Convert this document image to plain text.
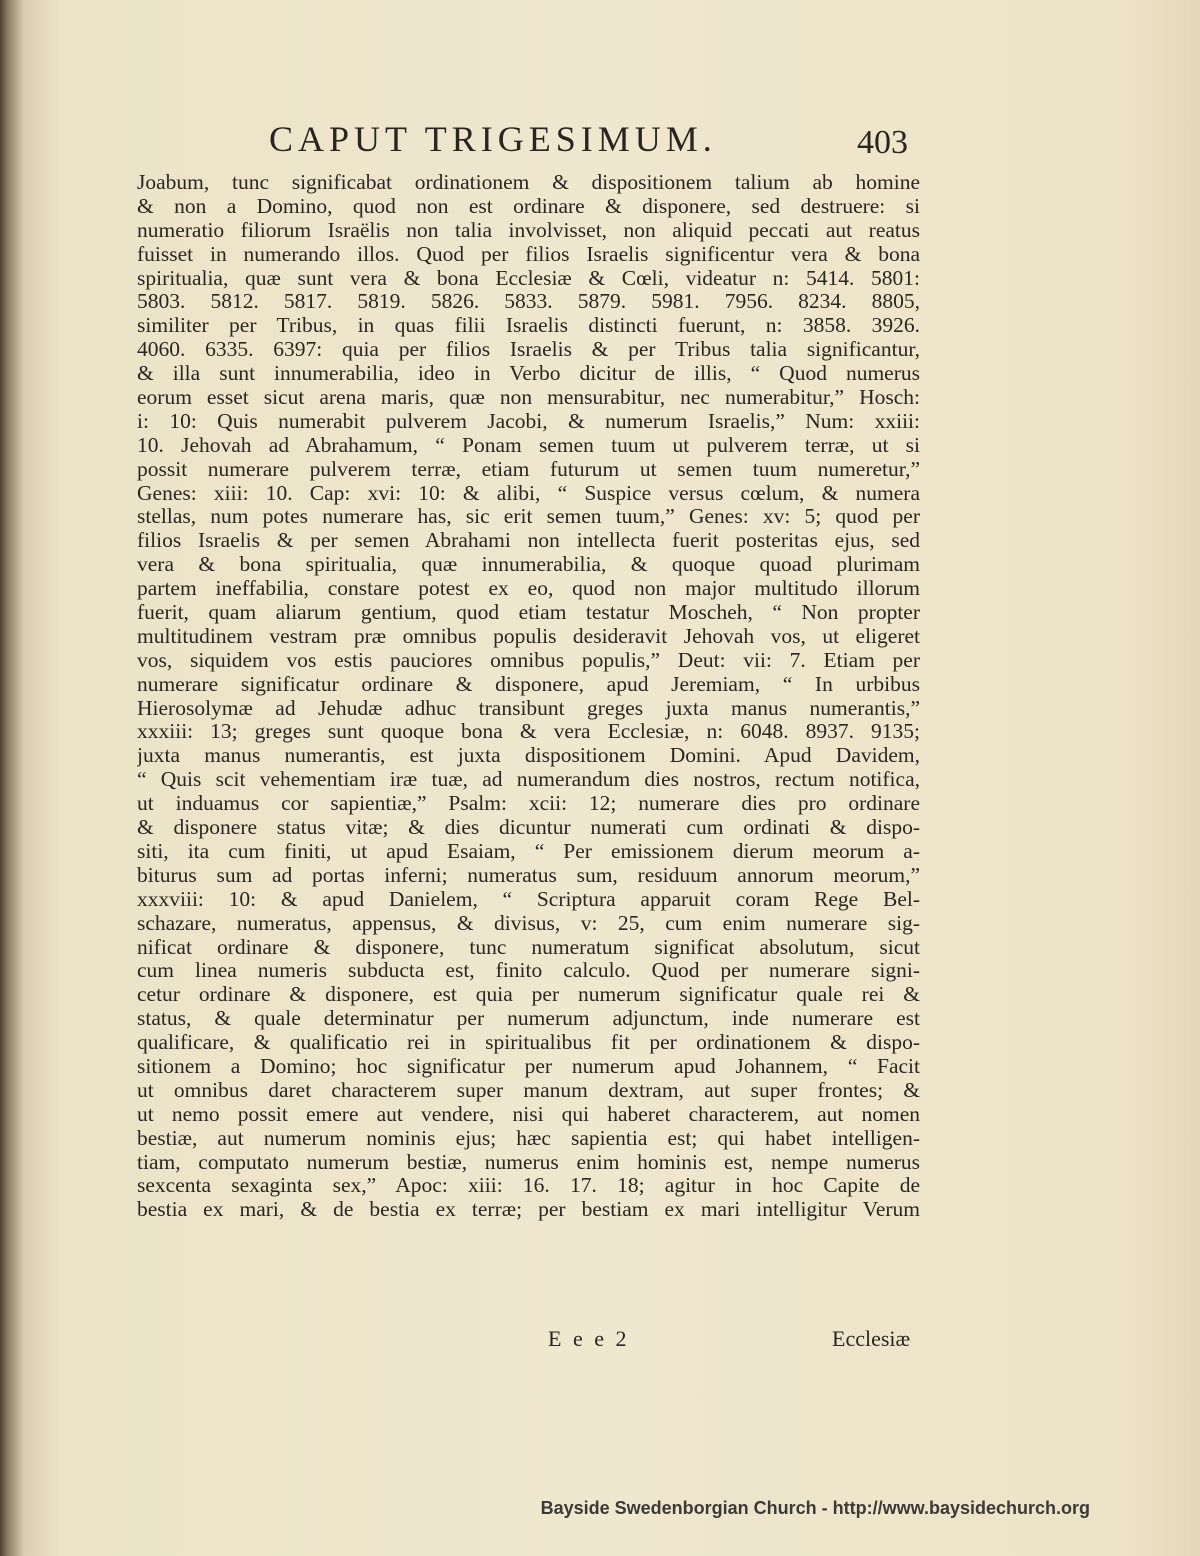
CAPUT TRIGESIMUM.	403
Joabum, tunc significabat ordinationem & dispositionem talium ab homine
& non a Domino, quod non est ordinare & disponere, sed destruere: si
numeratio filiorum Israëlis non talia involvisset, non aliquid peccati aut reatus
fuisset in numerando illos. Quod per filios Israelis significentur vera & bona
spiritualia, quæ sunt vera & bona Ecclesiæ & Cœli, videatur n: 5414. 5801:
5803. 5812. 5817. 5819. 5826. 5833. 5879. 5981. 7956. 8234. 8805,
similiter per Tribus, in quas filii Israelis distincti fuerunt, n: 3858. 3926.
4060. 6335. 6397: quia per filios Israelis & per Tribus talia significantur,
& illa sunt innumerabilia, ideo in Verbo dicitur de illis, “ Quod numerus
eorum esset sicut arena maris, quæ non mensurabitur, nec numerabitur,” Hosch:
i: 10: Quis numerabit pulverem Jacobi, & numerum Israelis,” Num: xxiii:
10. Jehovah ad Abrahamum, “ Ponam semen tuum ut pulverem terræ, ut si
possit numerare pulverem terræ, etiam futurum ut semen tuum numeretur,”
Genes: xiii: 10. Cap: xvi: 10: & alibi, “ Suspice versus cœlum, & numera
stellas, num potes numerare has, sic erit semen tuum,” Genes: xv: 5; quod per
filios Israelis & per semen Abrahami non intellecta fuerit posteritas ejus, sed
vera & bona spiritualia, quæ innumerabilia, & quoque quoad plurimam
partem ineffabilia, constare potest ex eo, quod non major multitudo illorum
fuerit, quam aliarum gentium, quod etiam testatur Moscheh, “ Non propter
multitudinem vestram præ omnibus populis desideravit Jehovah vos, ut eligeret
vos, siquidem vos estis pauciores omnibus populis,” Deut: vii: 7. Etiam per
numerare significatur ordinare & disponere, apud Jeremiam, “ In urbibus
Hierosolymæ ad Jehudæ adhuc transibunt greges juxta manus numerantis,”
xxxiii: 13; greges sunt quoque bona & vera Ecclesiæ, n: 6048. 8937. 9135;
juxta manus numerantis, est juxta dispositionem Domini. Apud Davidem,
“ Quis scit vehementiam iræ tuæ, ad numerandum dies nostros, rectum notifica,
ut induamus cor sapientiæ,” Psalm: xcii: 12; numerare dies pro ordinare
& disponere status vitæ; & dies dicuntur numerati cum ordinati & dispo-
siti, ita cum finiti, ut apud Esaiam, “ Per emissionem dierum meorum a-
biturus sum ad portas inferni; numeratus sum, residuum annorum meorum,”
xxxviii: 10: & apud Danielem, “ Scriptura apparuit coram Rege Bel-
schazare, numeratus, appensus, & divisus, v: 25, cum enim numerare sig-
nificat ordinare & disponere, tunc numeratum significat absolutum, sicut
cum linea numeris subducta est, finito calculo. Quod per numerare signi-
cetur ordinare & disponere, est quia per numerum significatur quale rei &
status, & quale determinatur per numerum adjunctum, inde numerare est
qualificare, & qualificatio rei in spiritualibus fit per ordinationem & dispo-
sitionem a Domino; hoc significatur per numerum apud Johannem, “ Facit
ut omnibus daret characterem super manum dextram, aut super frontes; &
ut nemo possit emere aut vendere, nisi qui haberet characterem, aut nomen
bestiæ, aut numerum nominis ejus; hæc sapientia est; qui habet intelligen-
tiam, computato numerum bestiæ, numerus enim hominis est, nempe numerus
sexcenta sexaginta sex,” Apoc: xiii: 16. 17. 18; agitur in hoc Capite de
bestia ex mari, & de bestia ex terræ; per bestiam ex mari intelligitur Verum
E e e 2	Ecclesiæ
Bayside Swedenborgian Church - http://www.baysidechurch.org
